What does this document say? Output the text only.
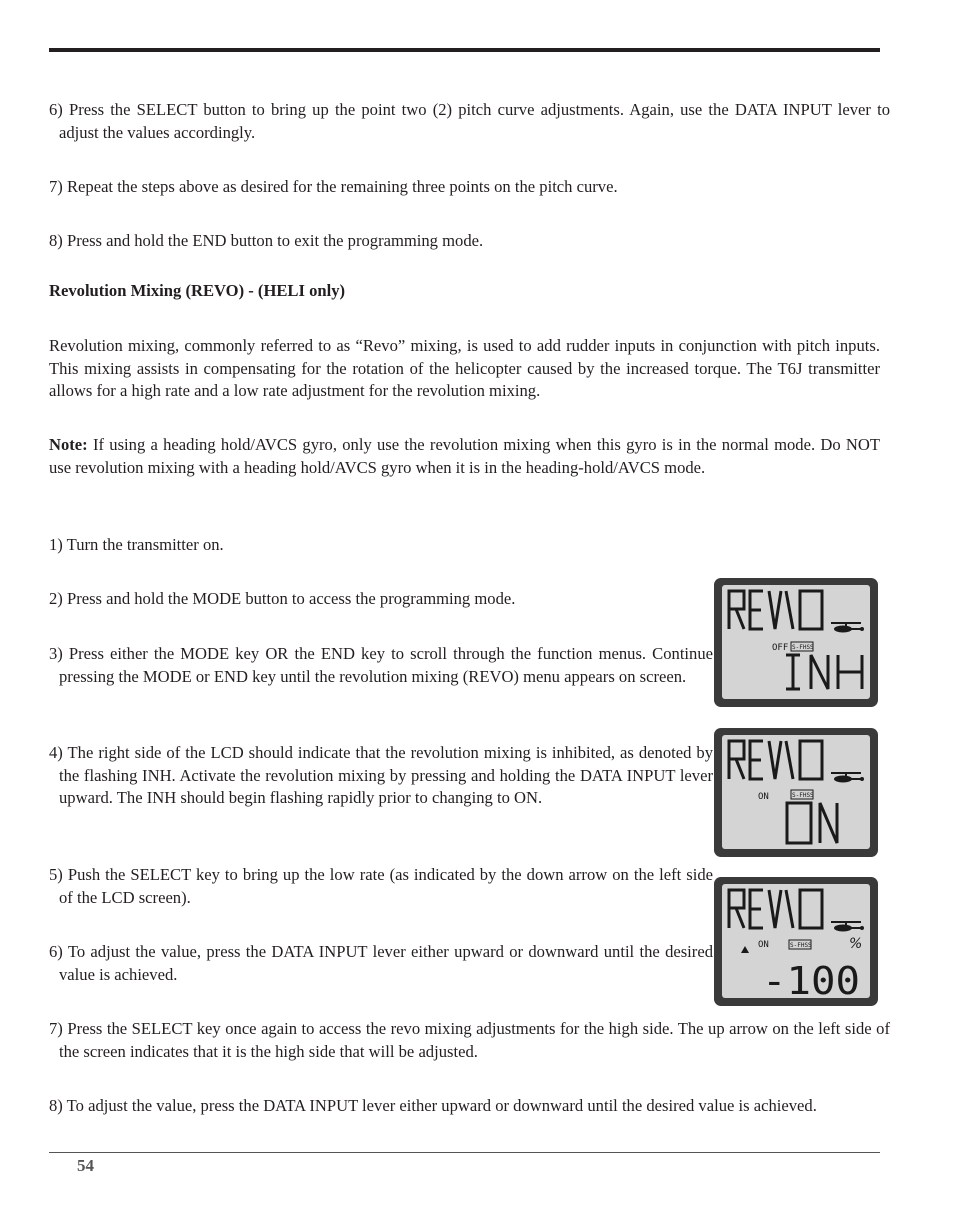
6) Press the SELECT button to bring up the point two (2) pitch curve adjustments. Again, use the DATA INPUT lever to adjust the values accordingly.
7) Repeat the steps above as desired for the remaining three points on the pitch curve.
8) Press and hold the END button to exit the programming mode.
Revolution Mixing (REVO) - (HELI only)
Revolution mixing, commonly referred to as “Revo” mixing, is used to add rudder inputs in conjunction with pitch inputs. This mixing assists in compensating for the rotation of the helicopter caused by the increased torque. The T6J transmitter allows for a high rate and a low rate adjustment for the revolution mixing.
Note: If using a heading hold/AVCS gyro, only use the revolution mixing when this gyro is in the normal mode. Do NOT use revolution mixing with a heading hold/AVCS gyro when it is in the heading-hold/AVCS mode.
1) Turn the transmitter on.
2) Press and hold the MODE button to access the programming mode.
3) Press either the MODE key OR the END key to scroll through the function menus. Continue pressing the MODE or END key until the revolution mixing (REVO) menu appears on screen.
4) The right side of the LCD should indicate that the revolution mixing is inhibited, as denoted by the flashing INH. Activate the revolution mixing by pressing and holding the DATA INPUT lever upward. The INH should begin flashing rapidly prior to changing to ON.
5) Push the SELECT key to bring up the low rate (as indicated by the down arrow on the left side of the LCD screen).
6) To adjust the value, press the DATA INPUT lever either upward or downward until the desired value is achieved.
7) Press the SELECT key once again to access the revo mixing adjustments for the high side. The up arrow on the left side of the screen indicates that it is the high side that will be adjusted.
8) To adjust the value, press the DATA INPUT lever either upward or downward until the desired value is achieved.
OFF S-FHSS
ON	S-FHSS
ON	S-FHSS	%
-100
54
